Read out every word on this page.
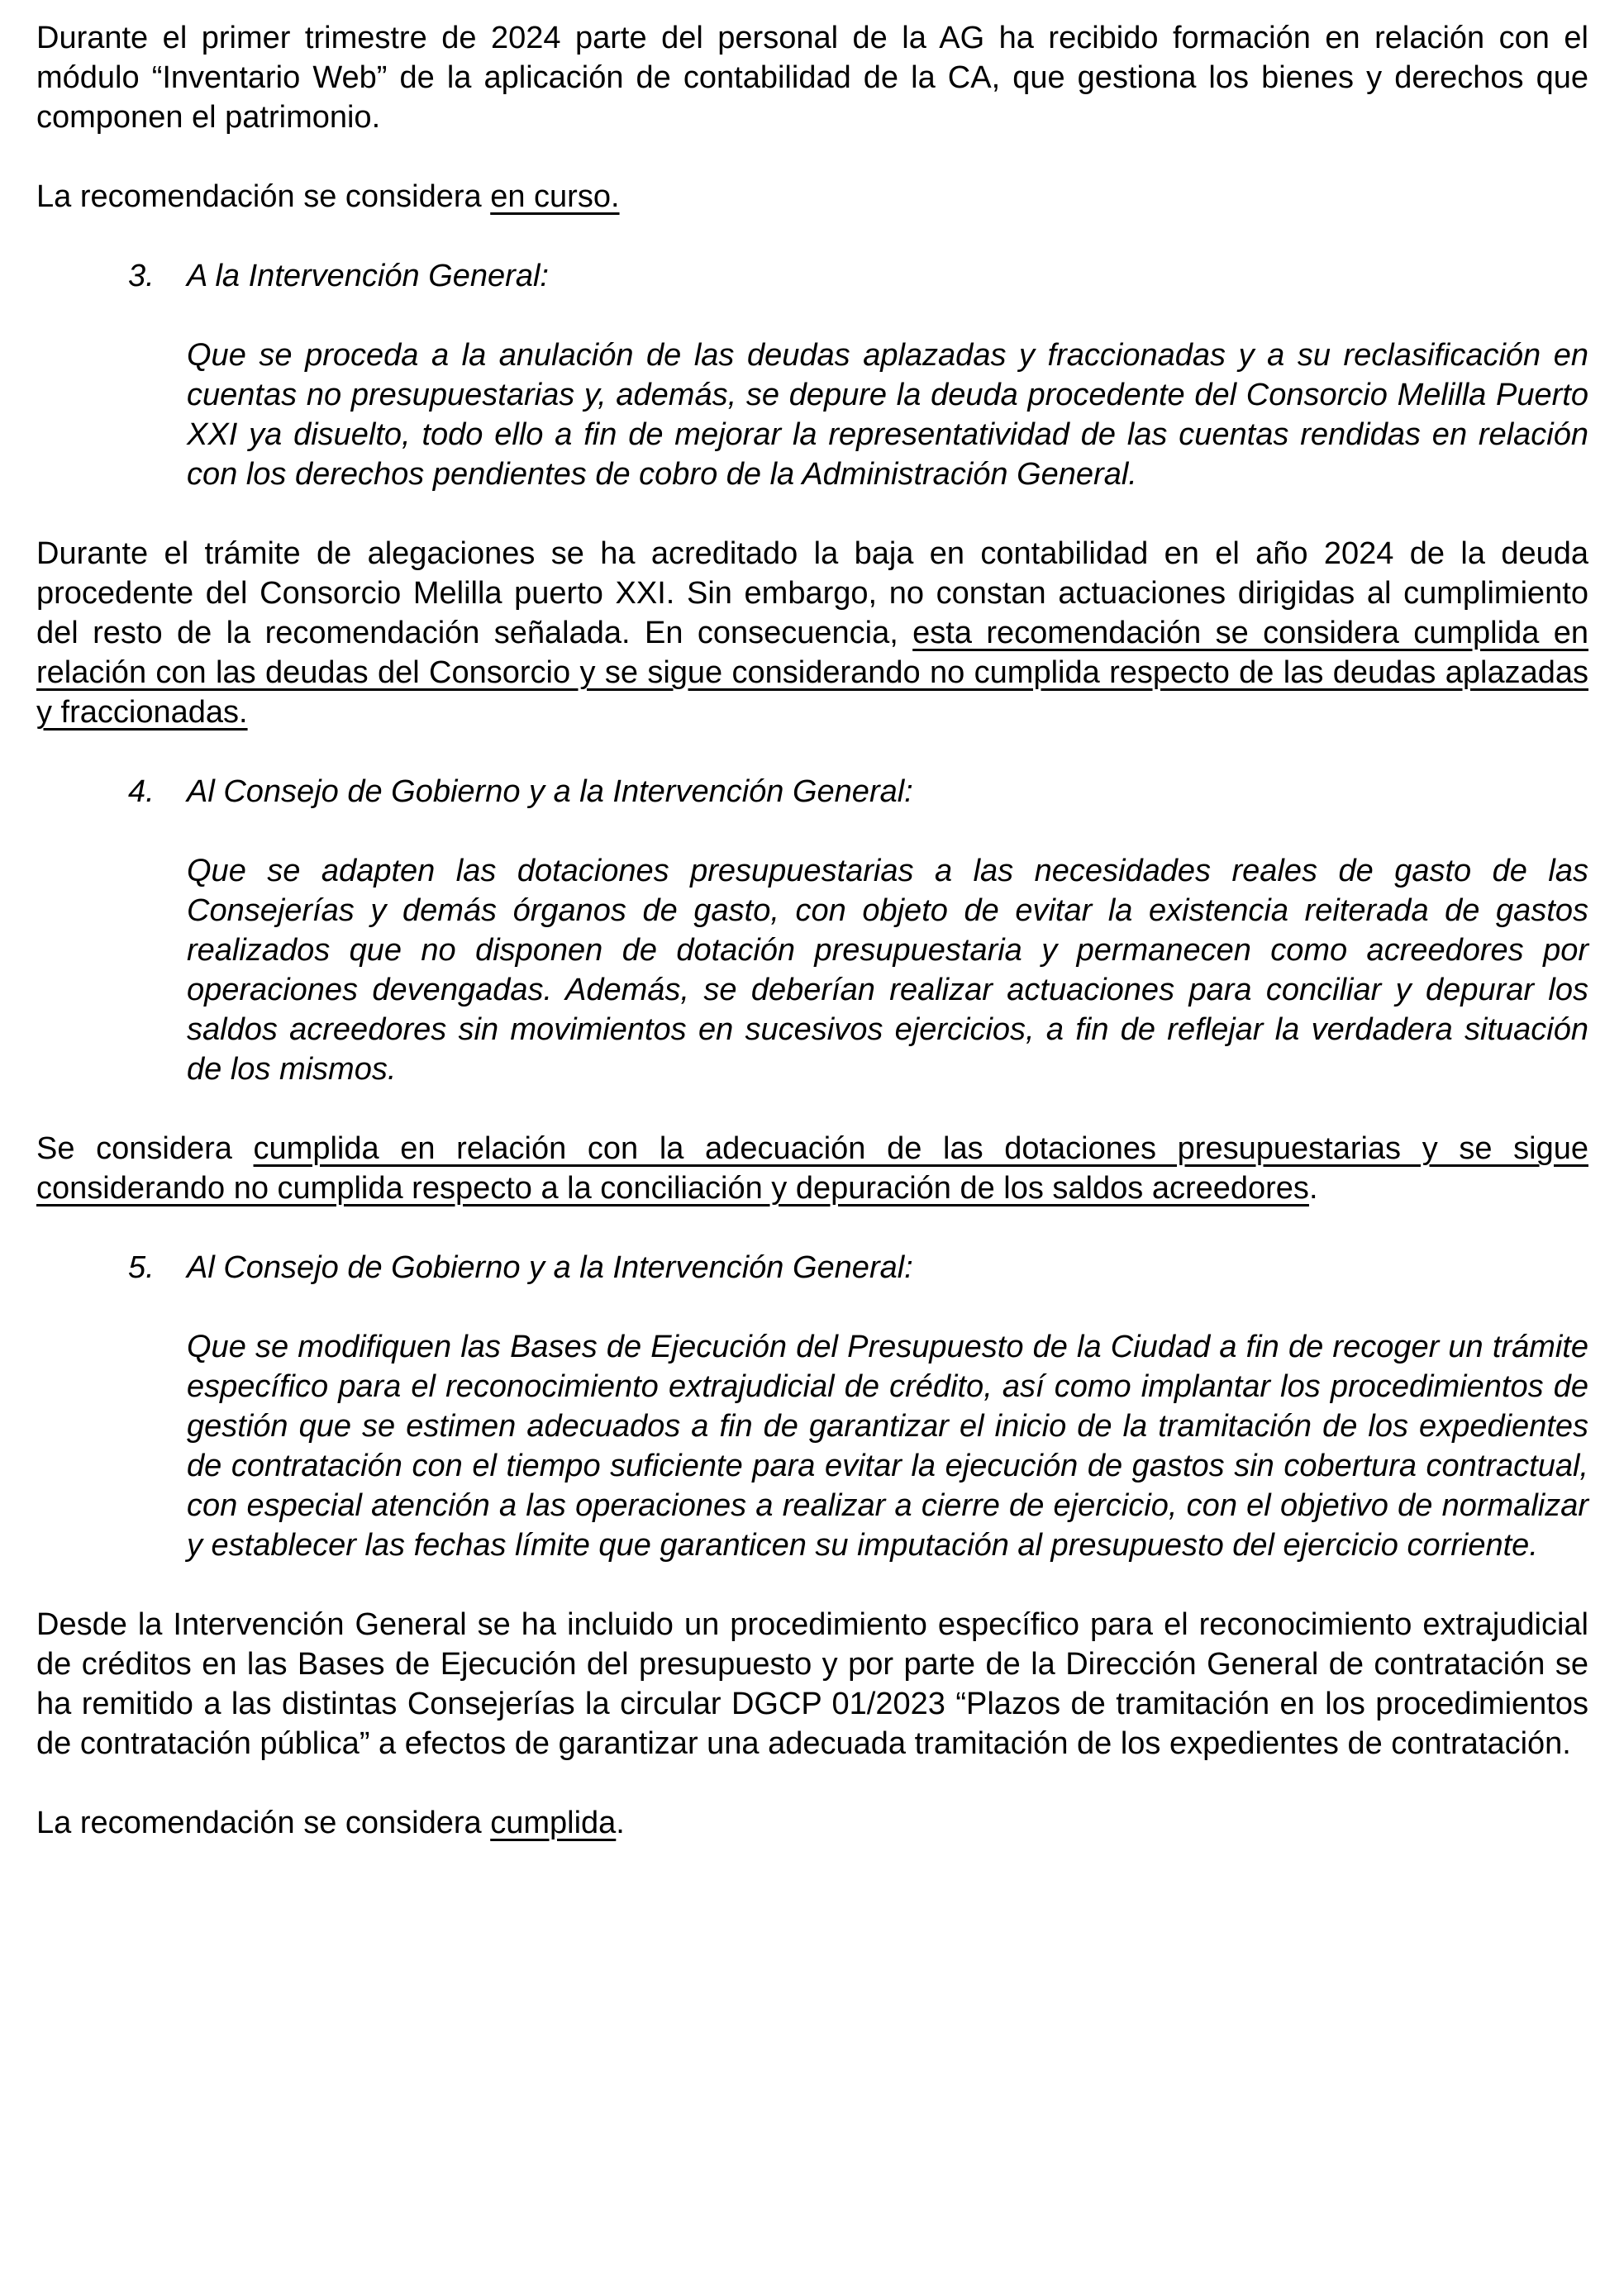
Durante el primer trimestre de 2024 parte del personal de la AG ha recibido formación en relación con el módulo “Inventario Web” de la aplicación de contabilidad de la CA, que gestiona los bienes y derechos que componen el patrimonio.

La recomendación se considera en curso.

3. A la Intervención General:

Que se proceda a la anulación de las deudas aplazadas y fraccionadas y a su reclasificación en cuentas no presupuestarias y, además, se depure la deuda procedente del Consorcio Melilla Puerto XXI ya disuelto, todo ello a fin de mejorar la representatividad de las cuentas rendidas en relación con los derechos pendientes de cobro de la Administración General.

Durante el trámite de alegaciones se ha acreditado la baja en contabilidad en el año 2024 de la deuda procedente del Consorcio Melilla puerto XXI. Sin embargo, no constan actuaciones dirigidas al cumplimiento del resto de la recomendación señalada. En consecuencia, esta recomendación se considera cumplida en relación con las deudas del Consorcio y se sigue considerando no cumplida respecto de las deudas aplazadas y fraccionadas.

4. Al Consejo de Gobierno y a la Intervención General:

Que se adapten las dotaciones presupuestarias a las necesidades reales de gasto de las Consejerías y demás órganos de gasto, con objeto de evitar la existencia reiterada de gastos realizados que no disponen de dotación presupuestaria y permanecen como acreedores por operaciones devengadas. Además, se deberían realizar actuaciones para conciliar y depurar los saldos acreedores sin movimientos en sucesivos ejercicios, a fin de reflejar la verdadera situación de los mismos.

Se considera cumplida en relación con la adecuación de las dotaciones presupuestarias y se sigue considerando no cumplida respecto a la conciliación y depuración de los saldos acreedores.

5. Al Consejo de Gobierno y a la Intervención General:

Que se modifiquen las Bases de Ejecución del Presupuesto de la Ciudad a fin de recoger un trámite específico para el reconocimiento extrajudicial de crédito, así como implantar los procedimientos de gestión que se estimen adecuados a fin de garantizar el inicio de la tramitación de los expedientes de contratación con el tiempo suficiente para evitar la ejecución de gastos sin cobertura contractual, con especial atención a las operaciones a realizar a cierre de ejercicio, con el objetivo de normalizar y establecer las fechas límite que garanticen su imputación al presupuesto del ejercicio corriente.

Desde la Intervención General se ha incluido un procedimiento específico para el reconocimiento extrajudicial de créditos en las Bases de Ejecución del presupuesto y por parte de la Dirección General de contratación se ha remitido a las distintas Consejerías la circular DGCP 01/2023 “Plazos de tramitación en los procedimientos de contratación pública” a efectos de garantizar una adecuada tramitación de los expedientes de contratación.

La recomendación se considera cumplida.
